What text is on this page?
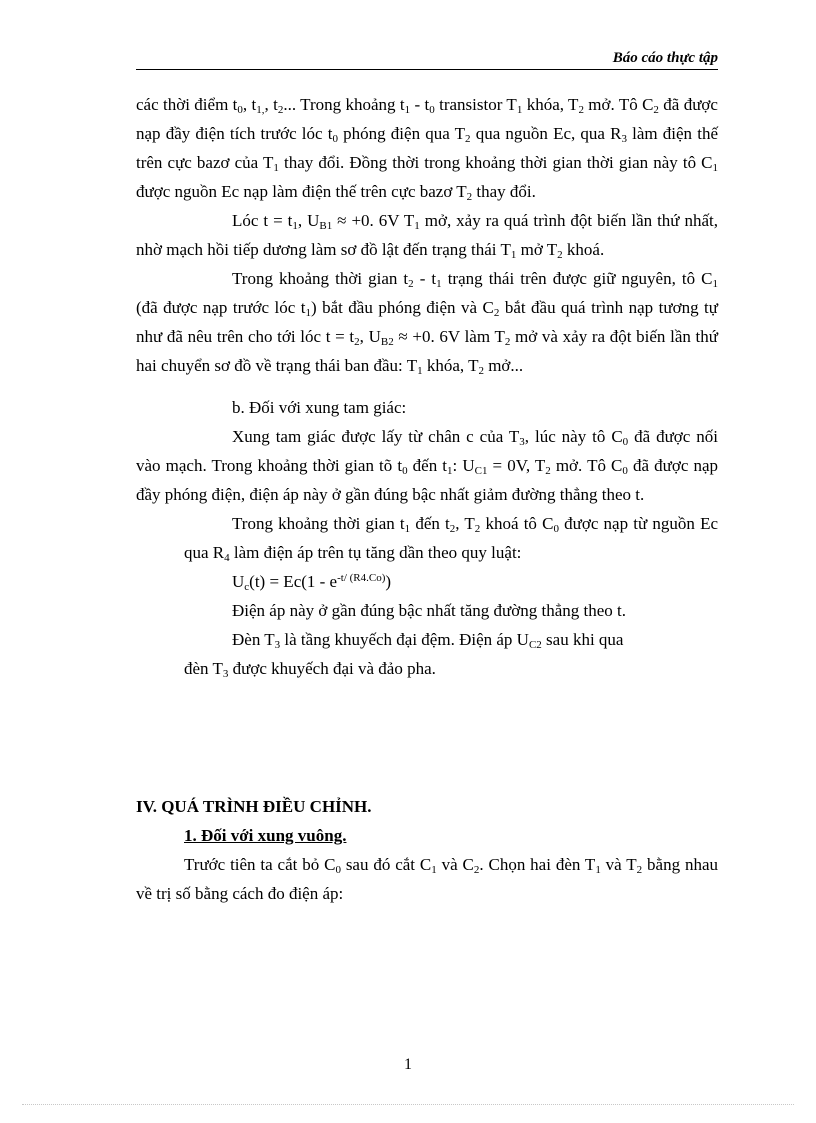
Báo cáo thực tập

các thời điểm $t_0$, $t_{1,}$, $t_2$... Trong khoảng $t_1 - t_0$ transistor $T_1$ khóa, $T_2$ mở. Tô $C_2$ đã được nạp đầy điện tích trước lóc $t_0$ phóng điện qua $T_2$ qua nguồn Ec, qua $R_3$ làm điện thế trên cực bazơ của $T_1$ thay đổi. Đồng thời trong khoảng thời gian thời gian này tô $C_1$ được nguồn Ec nạp làm điện thế trên cực bazơ $T_2$ thay đổi.

Lóc $t = t_1$, $U_{B1} \approx +0$. 6V $T_1$ mở, xảy ra quá trình đột biến lần thứ nhất, nhờ mạch hồi tiếp dương làm sơ đồ lật đến trạng thái $T_1$ mở $T_2$ khoá.

Trong khoảng thời gian $t_2 - t_1$ trạng thái trên được giữ nguyên, tô $C_1$ (đã được nạp trước lóc $t_1$) bắt đầu phóng điện và $C_2$ bắt đầu quá trình nạp tương tự như đã nêu trên cho tới lóc $t = t_2$, $U_{B2} \approx +0$. 6V làm $T_2$ mở và xảy ra đột biến lần thứ hai chuyển sơ đồ về trạng thái ban đầu: $T_1$ khóa, $T_2$ mở...

b. Đối với xung tam giác:

Xung tam giác được lấy từ chân c của $T_3$, lúc này tô $C_0$ đã được nối vào mạch. Trong khoảng thời gian tõ $t_0$ đến $t_1$: $U_{C1} = 0V$, $T_2$ mở. Tô $C_0$ đã được nạp đầy phóng điện, điện áp này ở gần đúng bậc nhất giảm đường thẳng theo t.

Trong khoảng thời gian $t_1$ đến $t_2$, $T_2$ khoá tô $C_0$ được nạp từ nguồn Ec qua $R_4$ làm điện áp trên tụ tăng dần theo quy luật:

$U_c(t) = Ec(1 - e^{-t/ (R4.Co)})$

Điện áp này ở gần đúng bậc nhất tăng đường thẳng theo t.

Đèn $T_3$ là tầng khuyếch đại đệm. Điện áp $U_{C2}$ sau khi qua

đèn $T_3$ được khuyếch đại và đảo pha.

IV. QUÁ TRÌNH ĐIỀU CHỈNH.

1. Đối với xung vuông.

Trước tiên ta cắt bỏ $C_0$ sau đó cắt $C_1$ và $C_2$. Chọn hai đèn $T_1$ và $T_2$ bằng nhau về trị số bằng cách đo điện áp:

1
